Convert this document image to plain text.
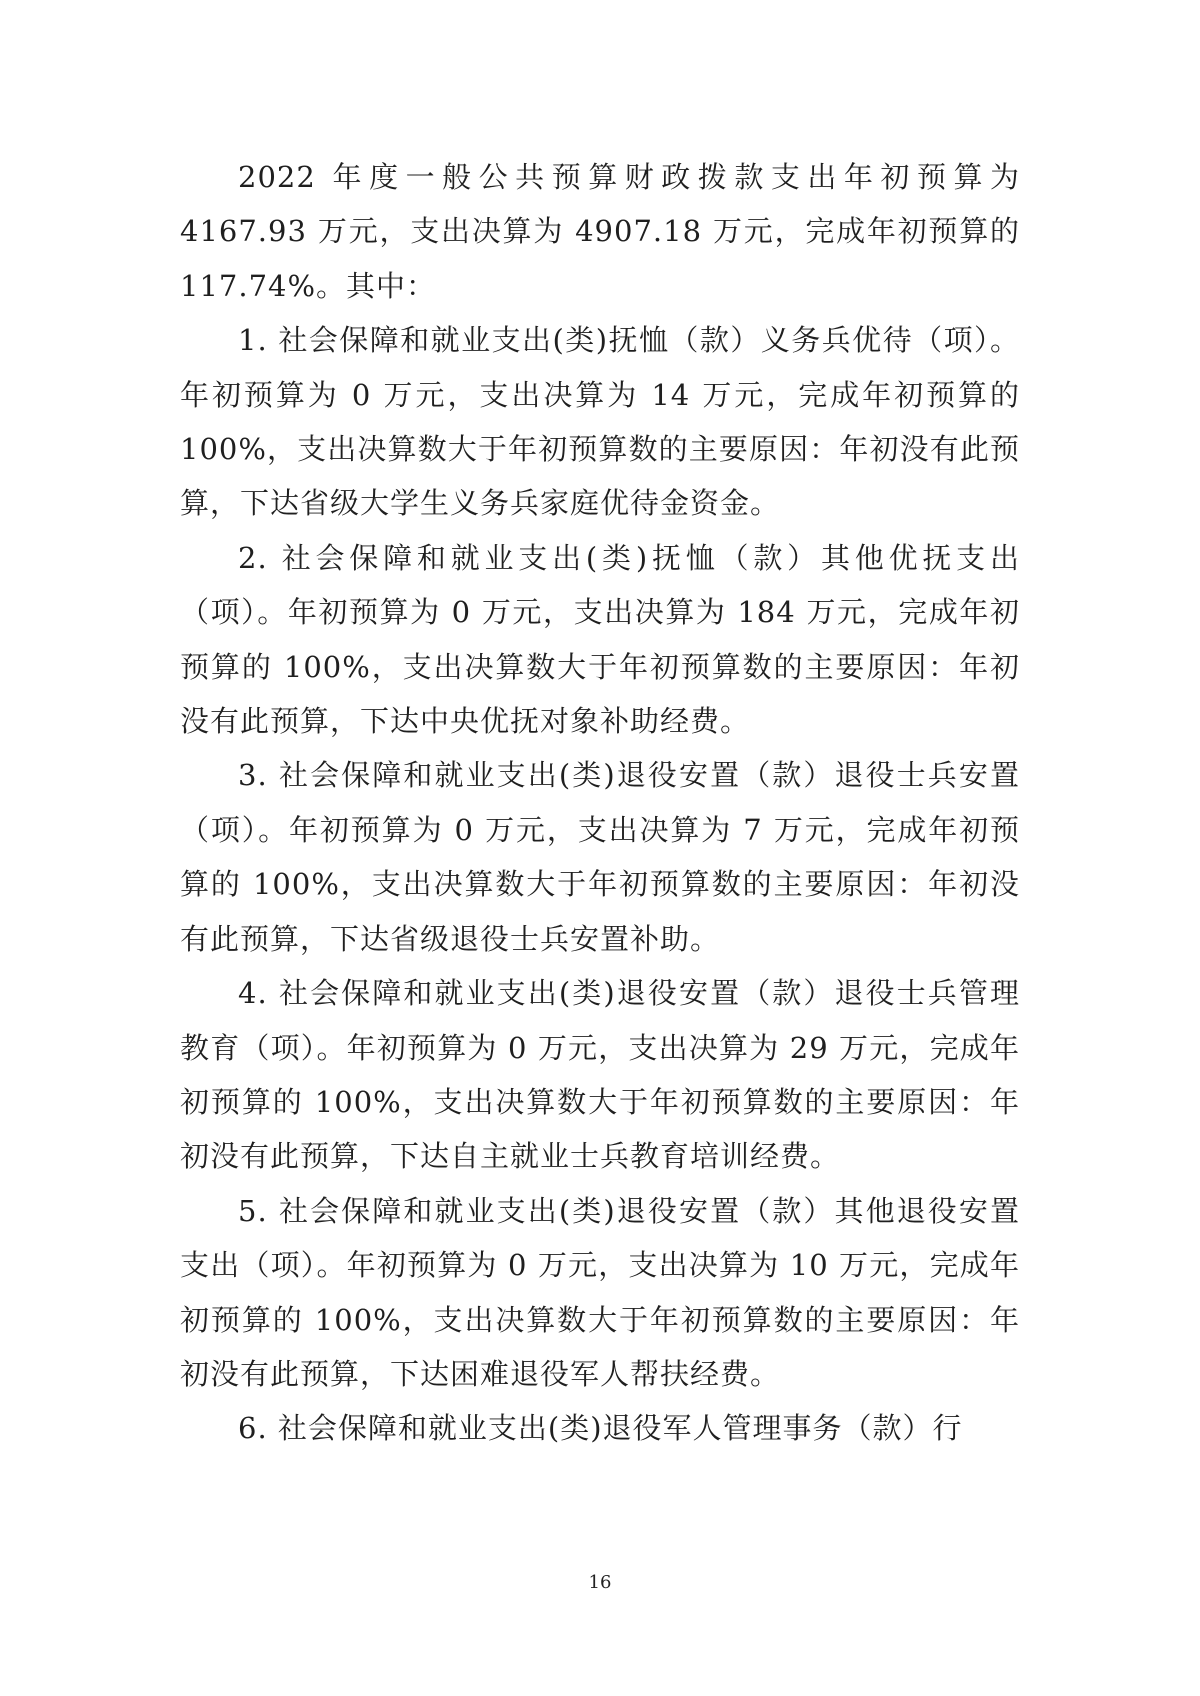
2022 年度一般公共预算财政拨款支出年初预算为 4167.93 万元，支出决算为 4907.18 万元，完成年初预算的 117.74%。其中：

1. 社会保障和就业支出(类)抚恤（款）义务兵优待（项）。年初预算为 0 万元，支出决算为 14 万元，完成年初预算的 100%，支出决算数大于年初预算数的主要原因：年初没有此预算，下达省级大学生义务兵家庭优待金资金。

2. 社会保障和就业支出(类)抚恤（款）其他优抚支出（项）。年初预算为 0 万元，支出决算为 184 万元，完成年初预算的 100%，支出决算数大于年初预算数的主要原因：年初没有此预算，下达中央优抚对象补助经费。

3. 社会保障和就业支出(类)退役安置（款）退役士兵安置（项）。年初预算为 0 万元，支出决算为 7 万元，完成年初预算的 100%，支出决算数大于年初预算数的主要原因：年初没有此预算，下达省级退役士兵安置补助。

4. 社会保障和就业支出(类)退役安置（款）退役士兵管理教育（项）。年初预算为 0 万元，支出决算为 29 万元，完成年初预算的 100%，支出决算数大于年初预算数的主要原因：年初没有此预算，下达自主就业士兵教育培训经费。

5. 社会保障和就业支出(类)退役安置（款）其他退役安置支出（项）。年初预算为 0 万元，支出决算为 10 万元，完成年初预算的 100%，支出决算数大于年初预算数的主要原因：年初没有此预算，下达困难退役军人帮扶经费。

6. 社会保障和就业支出(类)退役军人管理事务（款）行

16
